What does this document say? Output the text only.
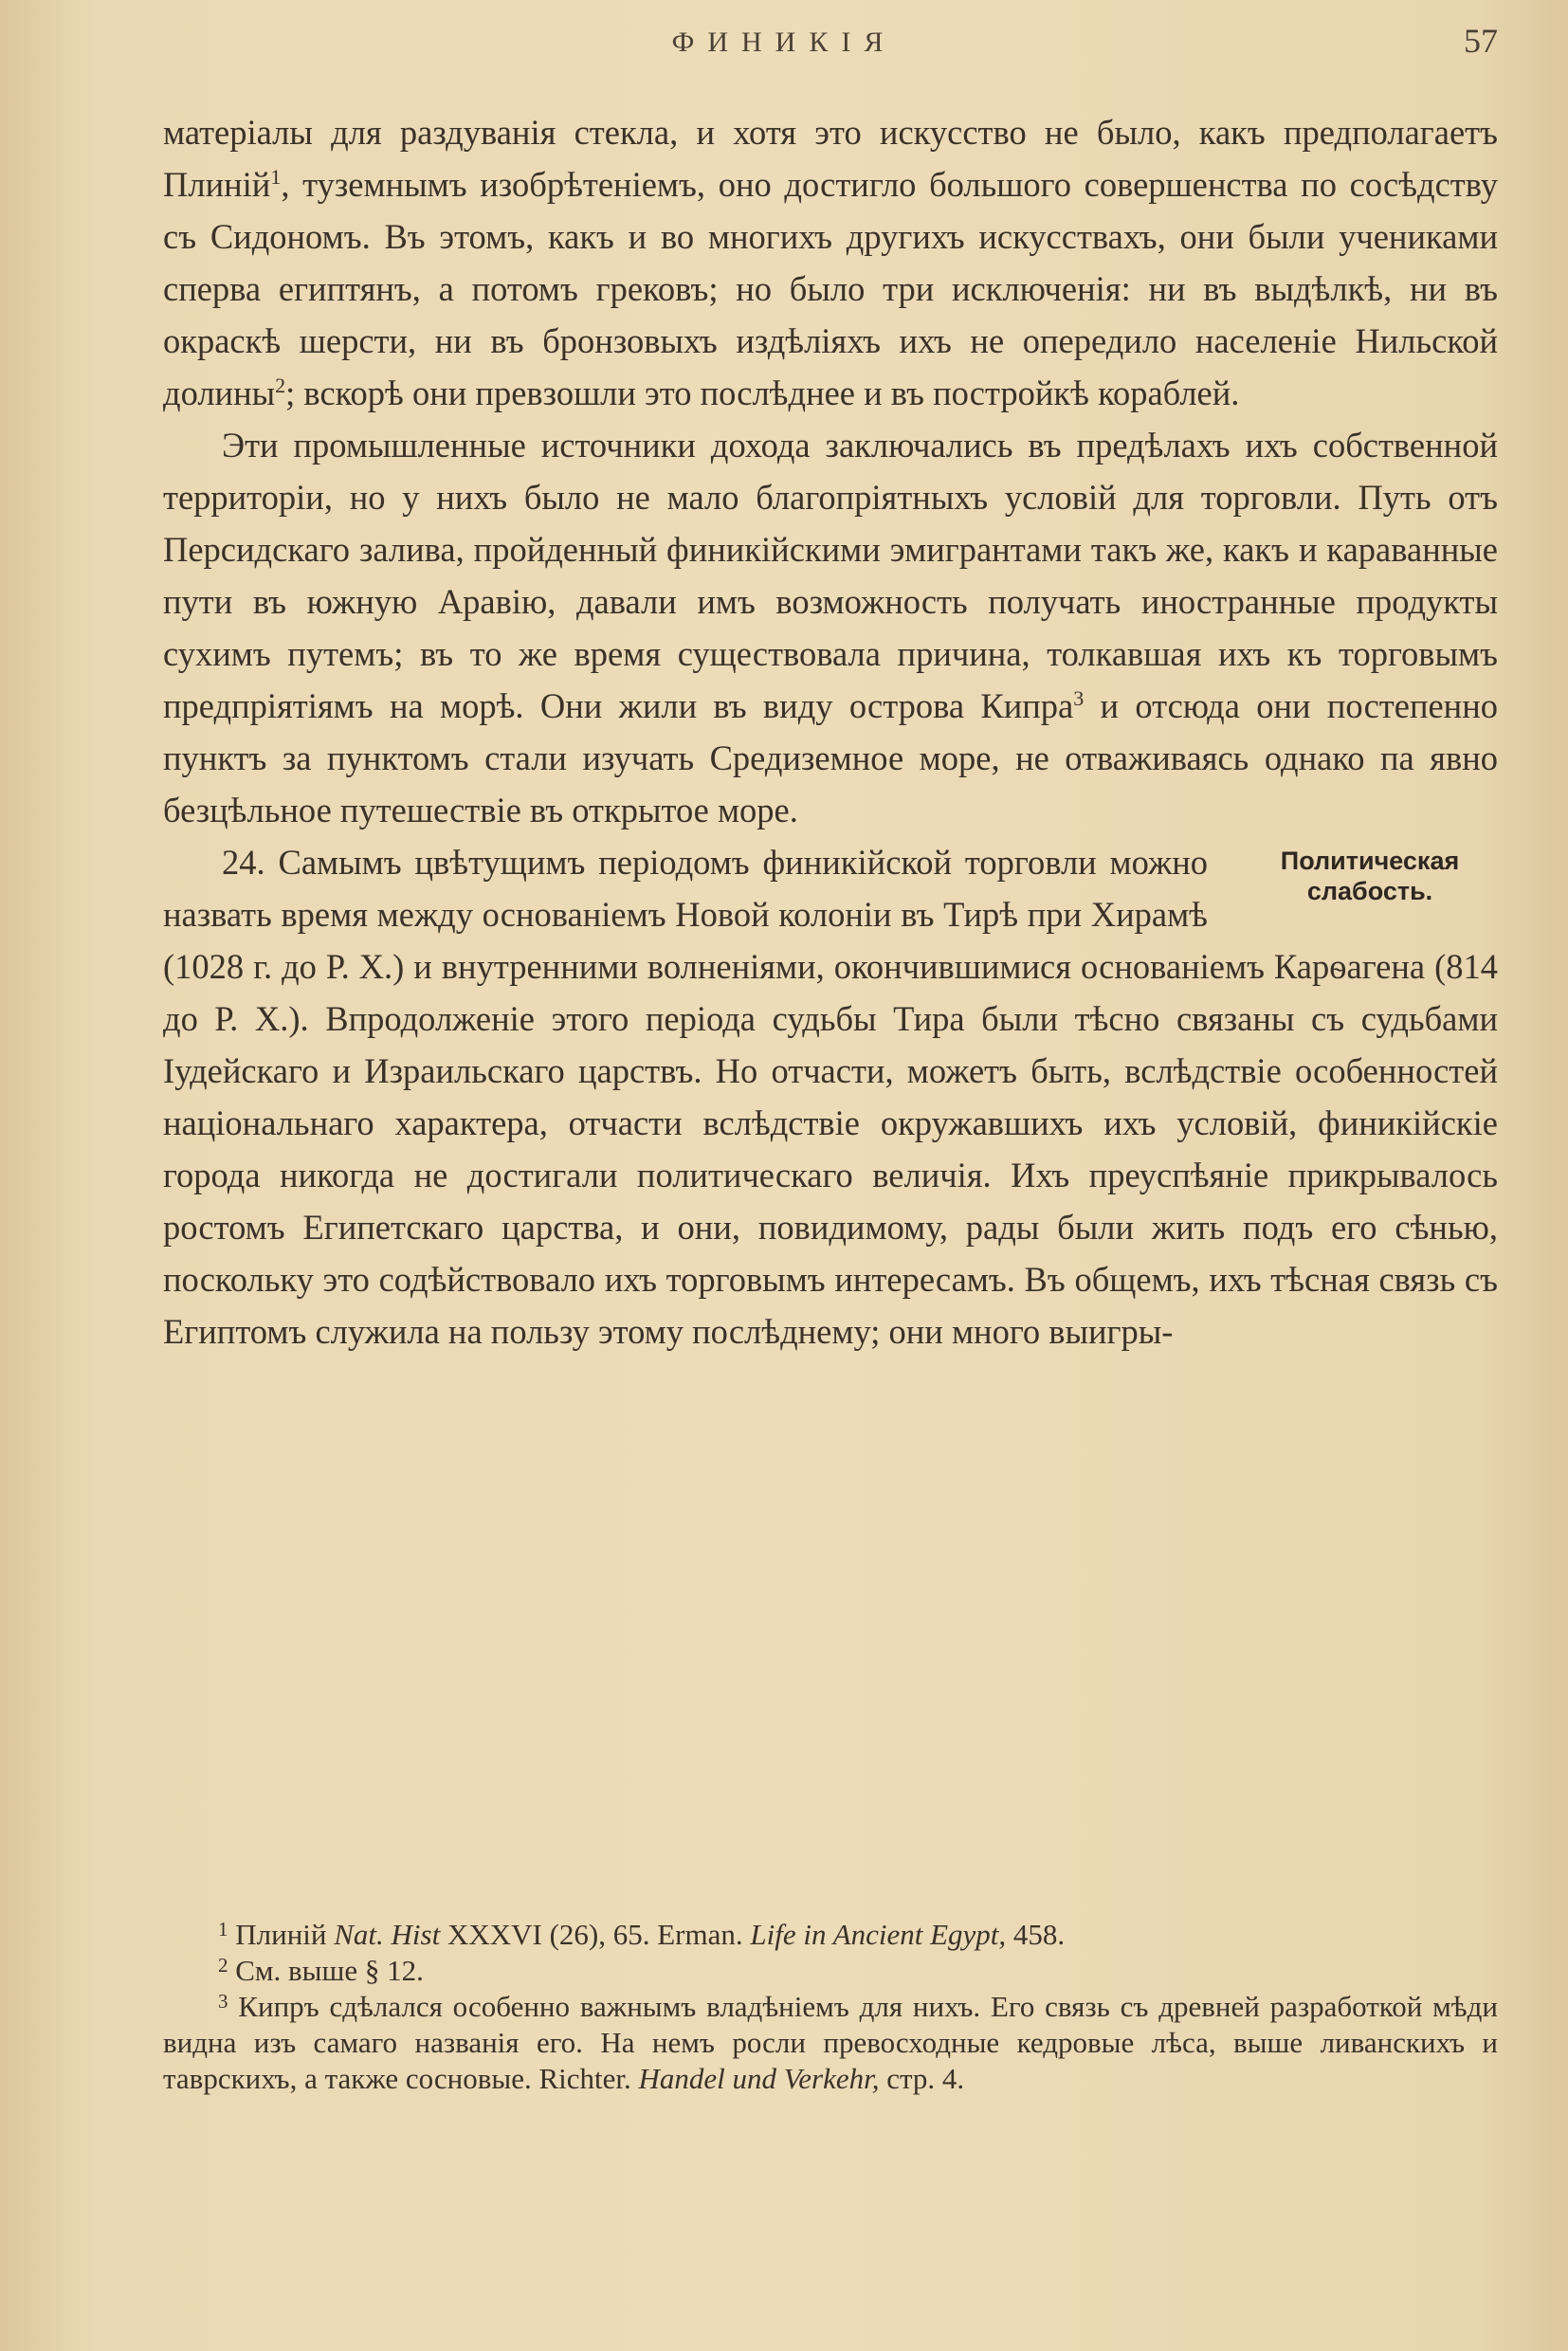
ФИНИКІЯ	57

матеріалы для раздуванія стекла, и хотя это искусство не было, какъ предполагаетъ Плиній$^1$, туземнымъ изобрѣтеніемъ, оно достигло большого совершенства по сосѣдству съ Сидономъ. Въ этомъ, какъ и во многихъ другихъ искусствахъ, они были учениками сперва египтянъ, а потомъ грековъ; но было три исключенія: ни въ выдѣлкѣ, ни въ окраскѣ шерсти, ни въ бронзовыхъ издѣліяхъ ихъ не опередило населеніе Нильской долины$^2$; вскорѣ они превзошли это послѣднее и въ постройкѣ кораблей.

Эти промышленные источники дохода заключались въ предѣлахъ ихъ собственной территоріи, но у нихъ было не мало благопріятныхъ условій для торговли. Путь отъ Персидскаго залива, пройденный финикійскими эмигрантами такъ же, какъ и караванные пути въ южную Аравію, давали имъ возможность получать иностранные продукты сухимъ путемъ; въ то же время существовала причина, толкавшая ихъ къ торговымъ предпріятіямъ на морѣ. Они жили въ виду острова Кипра$^3$ и отсюда они постепенно пунктъ за пунктомъ стали изучать Средиземное море, не отваживаясь однако па явно безцѣльное путешествіе въ открытое море.

Политическая слабость.
24. Самымъ цвѣтущимъ періодомъ финикійской торговли можно назвать время между основаніемъ Новой колоніи въ Тирѣ при Хирамѣ (1028 г. до Р. Х.) и внутренними волненіями, окончившимися основаніемъ Карѳагена (814 до Р. Х.). Впродолженіе этого періода судьбы Тира были тѣсно связаны съ судьбами Іудейскаго и Израильскаго царствъ. Но отчасти, можетъ быть, вслѣдствіе особенностей національнаго характера, отчасти вслѣдствіе окружавшихъ ихъ условій, финикійскіе города никогда не достигали политическаго величія. Ихъ преуспѣяніе прикрывалось ростомъ Египетскаго царства, и они, повидимому, рады были жить подъ его сѣнью, поскольку это содѣйствовало ихъ торговымъ интересамъ. Въ общемъ, ихъ тѣсная связь съ Египтомъ служила на пользу этому послѣднему; они много выигры-

$^1$ Плиній Nat. Hist XXXVI (26), 65. Erman. Life in Ancient Egypt, 458.

$^2$ См. выше § 12.

$^3$ Кипръ сдѣлался особенно важнымъ владѣніемъ для нихъ. Его связь съ древней разработкой мѣди видна изъ самаго названія его. На немъ росли превосходные кедровые лѣса, выше ливанскихъ и таврскихъ, а также сосновые. Richter. Handel und Verkehr, стр. 4.
